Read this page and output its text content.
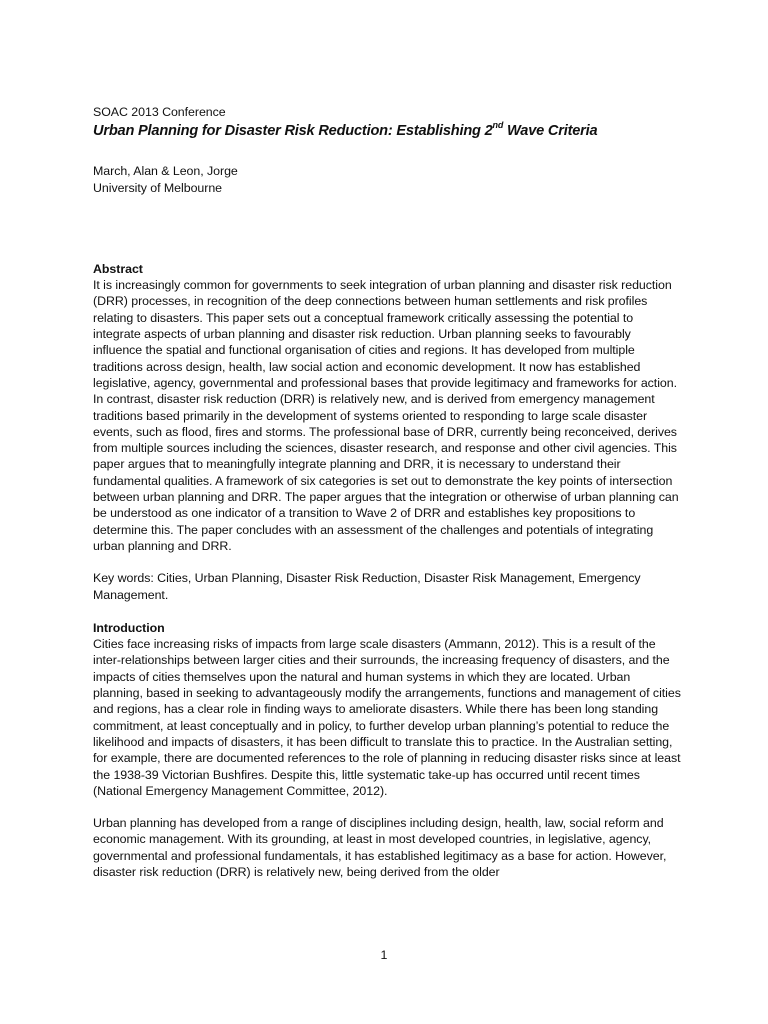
SOAC 2013 Conference

Urban Planning for Disaster Risk Reduction: Establishing 2nd Wave Criteria
March, Alan & Leon, Jorge
University of Melbourne

Abstract

It is increasingly common for governments to seek integration of urban planning and disaster risk reduction (DRR) processes, in recognition of the deep connections between human settlements and risk profiles relating to disasters. This paper sets out a conceptual framework critically assessing the potential to integrate aspects of urban planning and disaster risk reduction. Urban planning seeks to favourably influence the spatial and functional organisation of cities and regions. It has developed from multiple traditions across design, health, law social action and economic development. It now has established legislative, agency, governmental and professional bases that provide legitimacy and frameworks for action. In contrast, disaster risk reduction (DRR) is relatively new, and is derived from emergency management traditions based primarily in the development of systems oriented to responding to large scale disaster events, such as flood, fires and storms. The professional base of DRR, currently being reconceived, derives from multiple sources including the sciences, disaster research, and response and other civil agencies. This paper argues that to meaningfully integrate planning and DRR, it is necessary to understand their fundamental qualities. A framework of six categories is set out to demonstrate the key points of intersection between urban planning and DRR. The paper argues that the integration or otherwise of urban planning can be understood as one indicator of a transition to Wave 2 of DRR and establishes key propositions to determine this. The paper concludes with an assessment of the challenges and potentials of integrating urban planning and DRR.

Key words: Cities, Urban Planning, Disaster Risk Reduction, Disaster Risk Management, Emergency Management.

Introduction

Cities face increasing risks of impacts from large scale disasters (Ammann, 2012). This is a result of the inter-relationships between larger cities and their surrounds, the increasing frequency of disasters, and the impacts of cities themselves upon the natural and human systems in which they are located. Urban planning, based in seeking to advantageously modify the arrangements, functions and management of cities and regions, has a clear role in finding ways to ameliorate disasters. While there has been long standing commitment, at least conceptually and in policy, to further develop urban planning’s potential to reduce the likelihood and impacts of disasters, it has been difficult to translate this to practice. In the Australian setting, for example, there are documented references to the role of planning in reducing disaster risks since at least the 1938-39 Victorian Bushfires. Despite this, little systematic take-up has occurred until recent times (National Emergency Management Committee, 2012).

Urban planning has developed from a range of disciplines including design, health, law, social reform and economic management. With its grounding, at least in most developed countries, in legislative, agency, governmental and professional fundamentals, it has established legitimacy as a base for action. However, disaster risk reduction (DRR) is relatively new, being derived from the older

1
